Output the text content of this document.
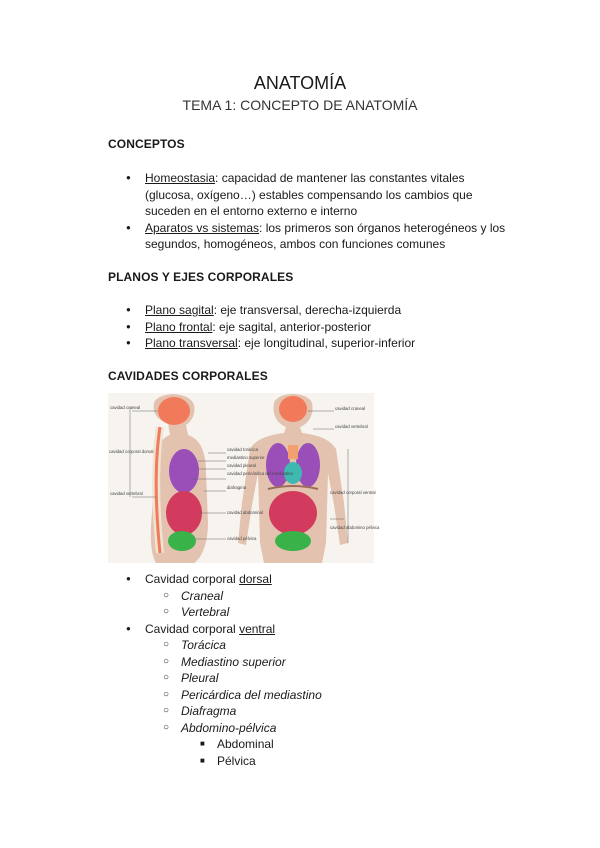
ANATOMÍA
TEMA 1: CONCEPTO DE ANATOMÍA
CONCEPTOS
● Homeostasia: capacidad de mantener las constantes vitales (glucosa, oxígeno…) estables compensando los cambios que suceden en el entorno externo e interno
● Aparatos vs sistemas: los primeros son órganos heterogéneos y los segundos, homogéneos, ambos con funciones comunes
PLANOS Y EJES CORPORALES
● Plano sagital: eje transversal, derecha-izquierda
● Plano frontal: eje sagital, anterior-posterior
● Plano transversal: eje longitudinal, superior-inferior
CAVIDADES CORPORALES
cavidad craneal
cavidad corporal dorsal
cavidad vertebral
cavidad torácica
mediastino superior
cavidad pleural
cavidad pericárdica del mediastino
diafragma
cavidad abdominal
cavidad pélvica
cavidad craneal
cavidad vertebral
cavidad corporal ventral
cavidad abdomino pélvica
● Cavidad corporal dorsal
○ Craneal
○ Vertebral
● Cavidad corporal ventral
○ Torácica
○ Mediastino superior
○ Pleural
○ Pericárdica del mediastino
○ Diafragma
○ Abdomino-pélvica
■ Abdominal
■ Pélvica
